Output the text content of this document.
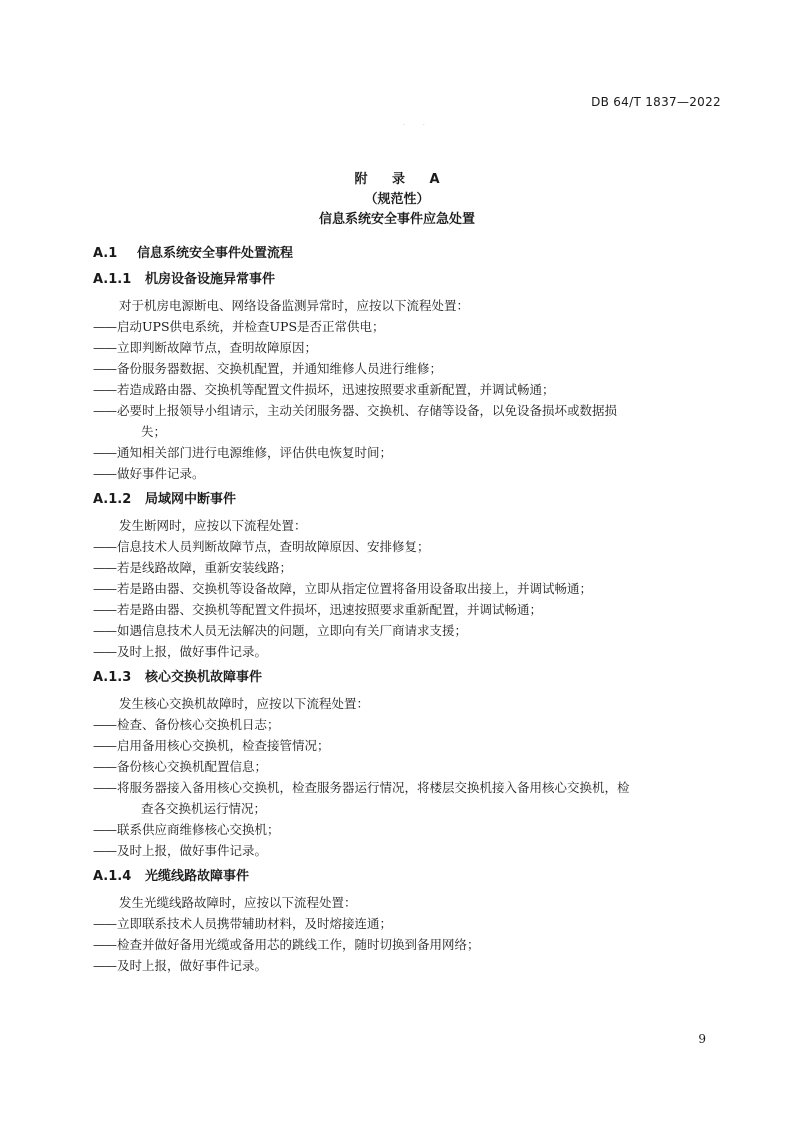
DB 64/T 1837—2022
· ·
附 录 A
（规范性）
信息系统安全事件应急处置
A.1 信息系统安全事件处置流程
A.1.1 机房设备设施异常事件
对于机房电源断电、网络设备监测异常时，应按以下流程处置：
—— 启动UPS供电系统，并检查UPS是否正常供电；
—— 立即判断故障节点，查明故障原因；
—— 备份服务器数据、交换机配置，并通知维修人员进行维修；
—— 若造成路由器、交换机等配置文件损坏，迅速按照要求重新配置，并调试畅通；
—— 必要时上报领导小组请示，主动关闭服务器、交换机、存储等设备，以免设备损坏或数据损
失；
—— 通知相关部门进行电源维修，评估供电恢复时间；
—— 做好事件记录。
A.1.2 局域网中断事件
发生断网时，应按以下流程处置：
—— 信息技术人员判断故障节点，查明故障原因、安排修复；
—— 若是线路故障，重新安装线路；
—— 若是路由器、交换机等设备故障，立即从指定位置将备用设备取出接上，并调试畅通；
—— 若是路由器、交换机等配置文件损坏，迅速按照要求重新配置，并调试畅通；
—— 如遇信息技术人员无法解决的问题，立即向有关厂商请求支援；
—— 及时上报，做好事件记录。
A.1.3 核心交换机故障事件
发生核心交换机故障时，应按以下流程处置：
—— 检查、备份核心交换机日志；
—— 启用备用核心交换机，检查接管情况；
—— 备份核心交换机配置信息；
—— 将服务器接入备用核心交换机，检查服务器运行情况，将楼层交换机接入备用核心交换机，检
查各交换机运行情况；
—— 联系供应商维修核心交换机；
—— 及时上报，做好事件记录。
A.1.4 光缆线路故障事件
发生光缆线路故障时，应按以下流程处置：
—— 立即联系技术人员携带辅助材料，及时熔接连通；
—— 检查并做好备用光缆或备用芯的跳线工作，随时切换到备用网络；
—— 及时上报，做好事件记录。
9
